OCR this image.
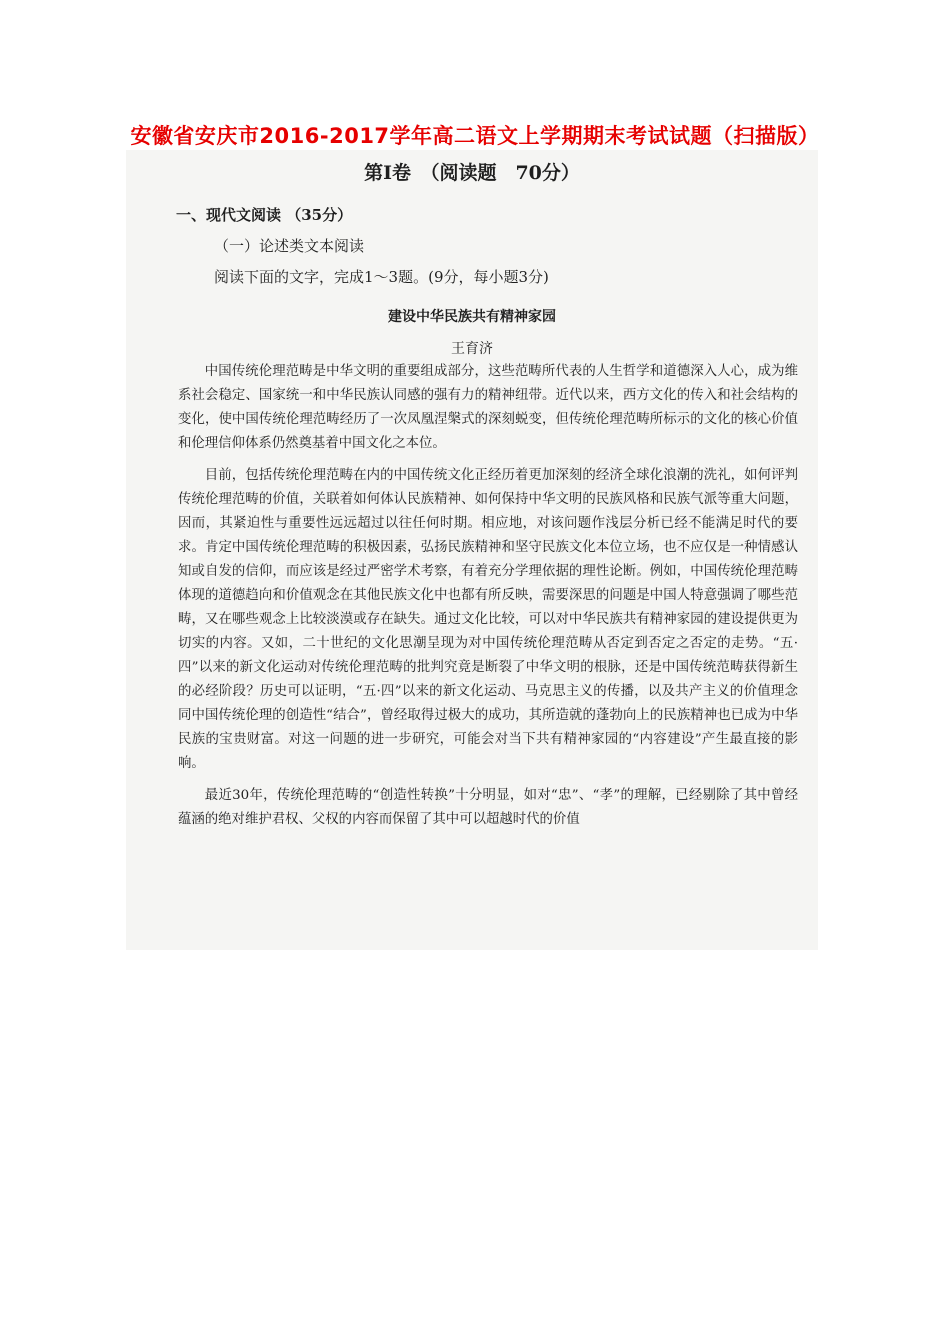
安徽省安庆市2016-2017学年高二语文上学期期末考试试题（扫描版）
第Ⅰ卷　（阅读题　70分）

一、现代文阅读 （35分）

（一）论述类文本阅读

阅读下面的文字，完成1～3题。(9分，每小题3分)

建设中华民族共有精神家园

王育济

中国传统伦理范畴是中华文明的重要组成部分，这些范畴所代表的人生哲学和道德深入人心，成为维系社会稳定、国家统一和中华民族认同感的强有力的精神纽带。近代以来，西方文化的传入和社会结构的变化，使中国传统伦理范畴经历了一次凤凰涅槃式的深刻蜕变，但传统伦理范畴所标示的文化的核心价值和伦理信仰体系仍然奠基着中国文化之本位。

目前，包括传统伦理范畴在内的中国传统文化正经历着更加深刻的经济全球化浪潮的洗礼，如何评判传统伦理范畴的价值，关联着如何体认民族精神、如何保持中华文明的民族风格和民族气派等重大问题，因而，其紧迫性与重要性远远超过以往任何时期。相应地，对该问题作浅层分析已经不能满足时代的要求。肯定中国传统伦理范畴的积极因素，弘扬民族精神和坚守民族文化本位立场，也不应仅是一种情感认知或自发的信仰，而应该是经过严密学术考察，有着充分学理依据的理性论断。例如，中国传统伦理范畴体现的道德趋向和价值观念在其他民族文化中也都有所反映，需要深思的问题是中国人特意强调了哪些范畴，又在哪些观念上比较淡漠或存在缺失。通过文化比较，可以对中华民族共有精神家园的建设提供更为切实的内容。又如，二十世纪的文化思潮呈现为对中国传统伦理范畴从否定到否定之否定的走势。“五·四”以来的新文化运动对传统伦理范畴的批判究竟是断裂了中华文明的根脉，还是中国传统范畴获得新生的必经阶段？历史可以证明，“五·四”以来的新文化运动、马克思主义的传播，以及共产主义的价值理念同中国传统伦理的创造性“结合”，曾经取得过极大的成功，其所造就的蓬勃向上的民族精神也已成为中华民族的宝贵财富。对这一问题的进一步研究，可能会对当下共有精神家园的“内容建设”产生最直接的影响。

最近30年，传统伦理范畴的“创造性转换”十分明显，如对“忠”、“孝”的理解，已经剔除了其中曾经蕴涵的绝对维护君权、父权的内容而保留了其中可以超越时代的价值
